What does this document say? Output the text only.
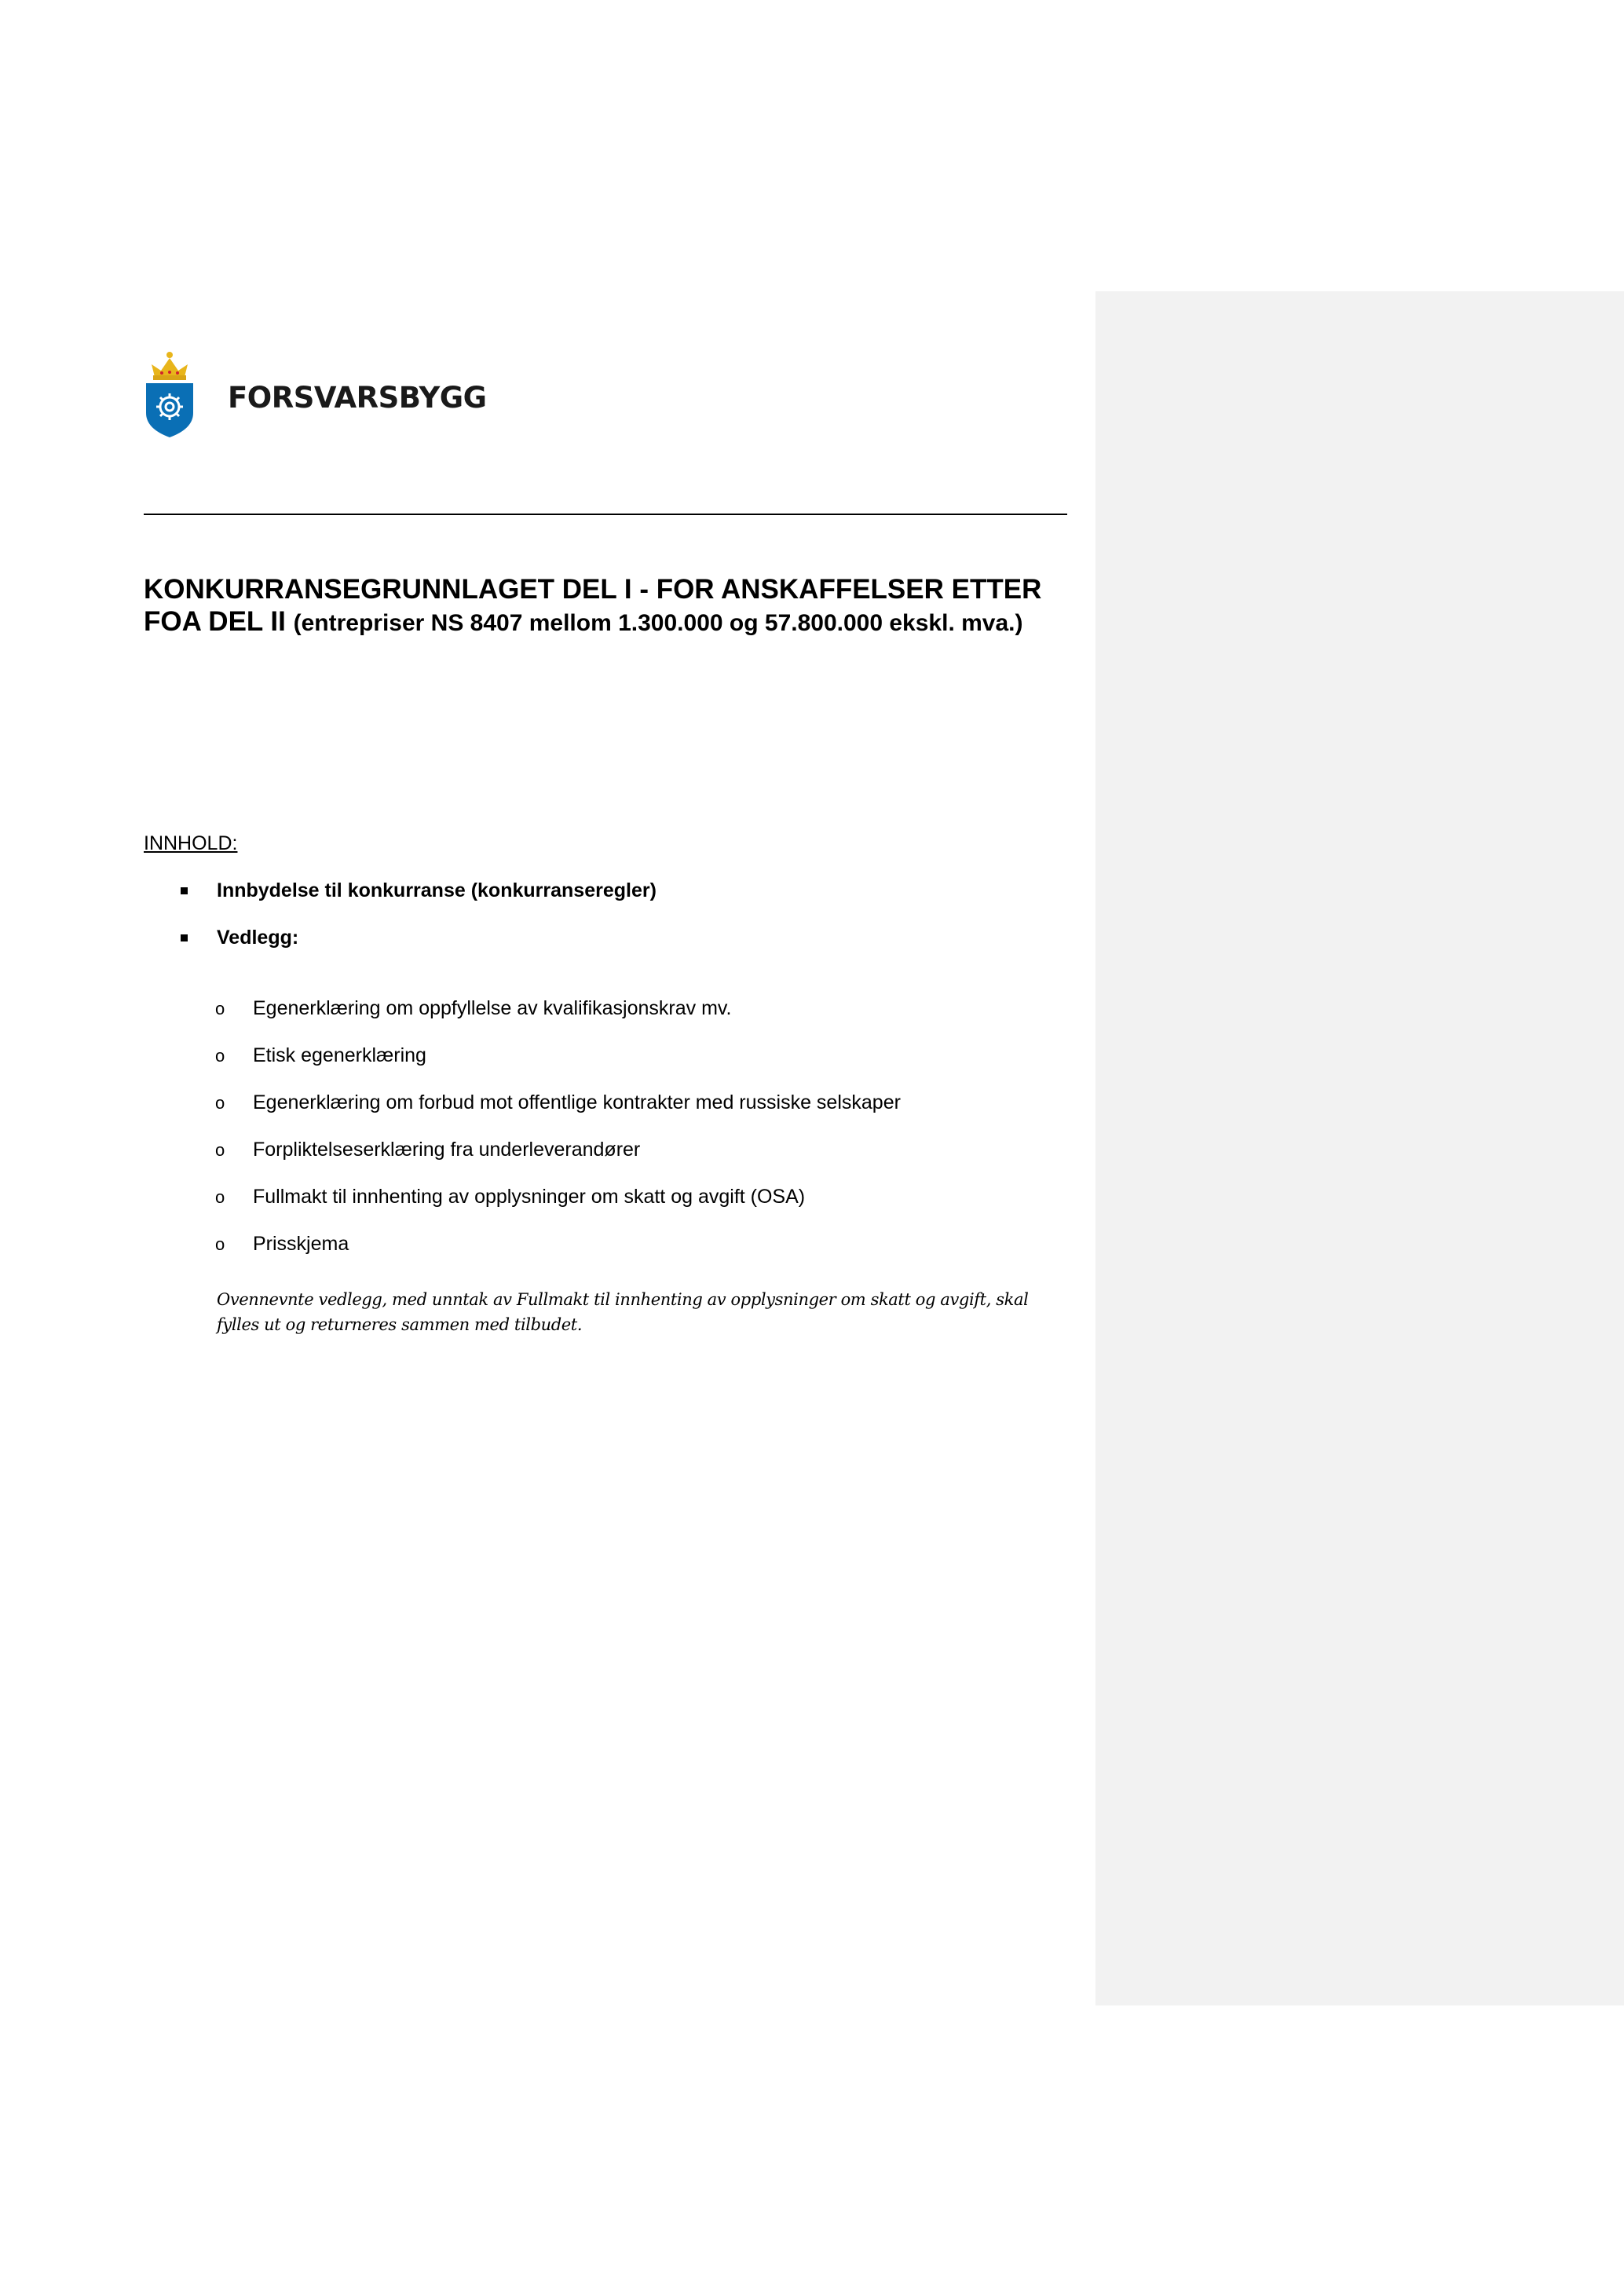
FORSVARSBYGG
KONKURRANSEGRUNNLAGET DEL I - FOR ANSKAFFELSER ETTER FOA DEL II (entrepriser NS 8407 mellom 1.300.000 og 57.800.000 ekskl. mva.)
INNHOLD:
Innbydelse til konkurranse (konkurranseregler)
Vedlegg:
o	Egenerklæring om oppfyllelse av kvalifikasjonskrav mv.
o	Etisk egenerklæring
o	Egenerklæring om forbud mot offentlige kontrakter med russiske selskaper
o	Forpliktelseserklæring fra underleverandører
o	Fullmakt til innhenting av opplysninger om skatt og avgift (OSA)
o	Prisskjema

Ovennevnte vedlegg, med unntak av Fullmakt til innhenting av opplysninger om skatt og avgift, skal fylles ut og returneres sammen med tilbudet.
